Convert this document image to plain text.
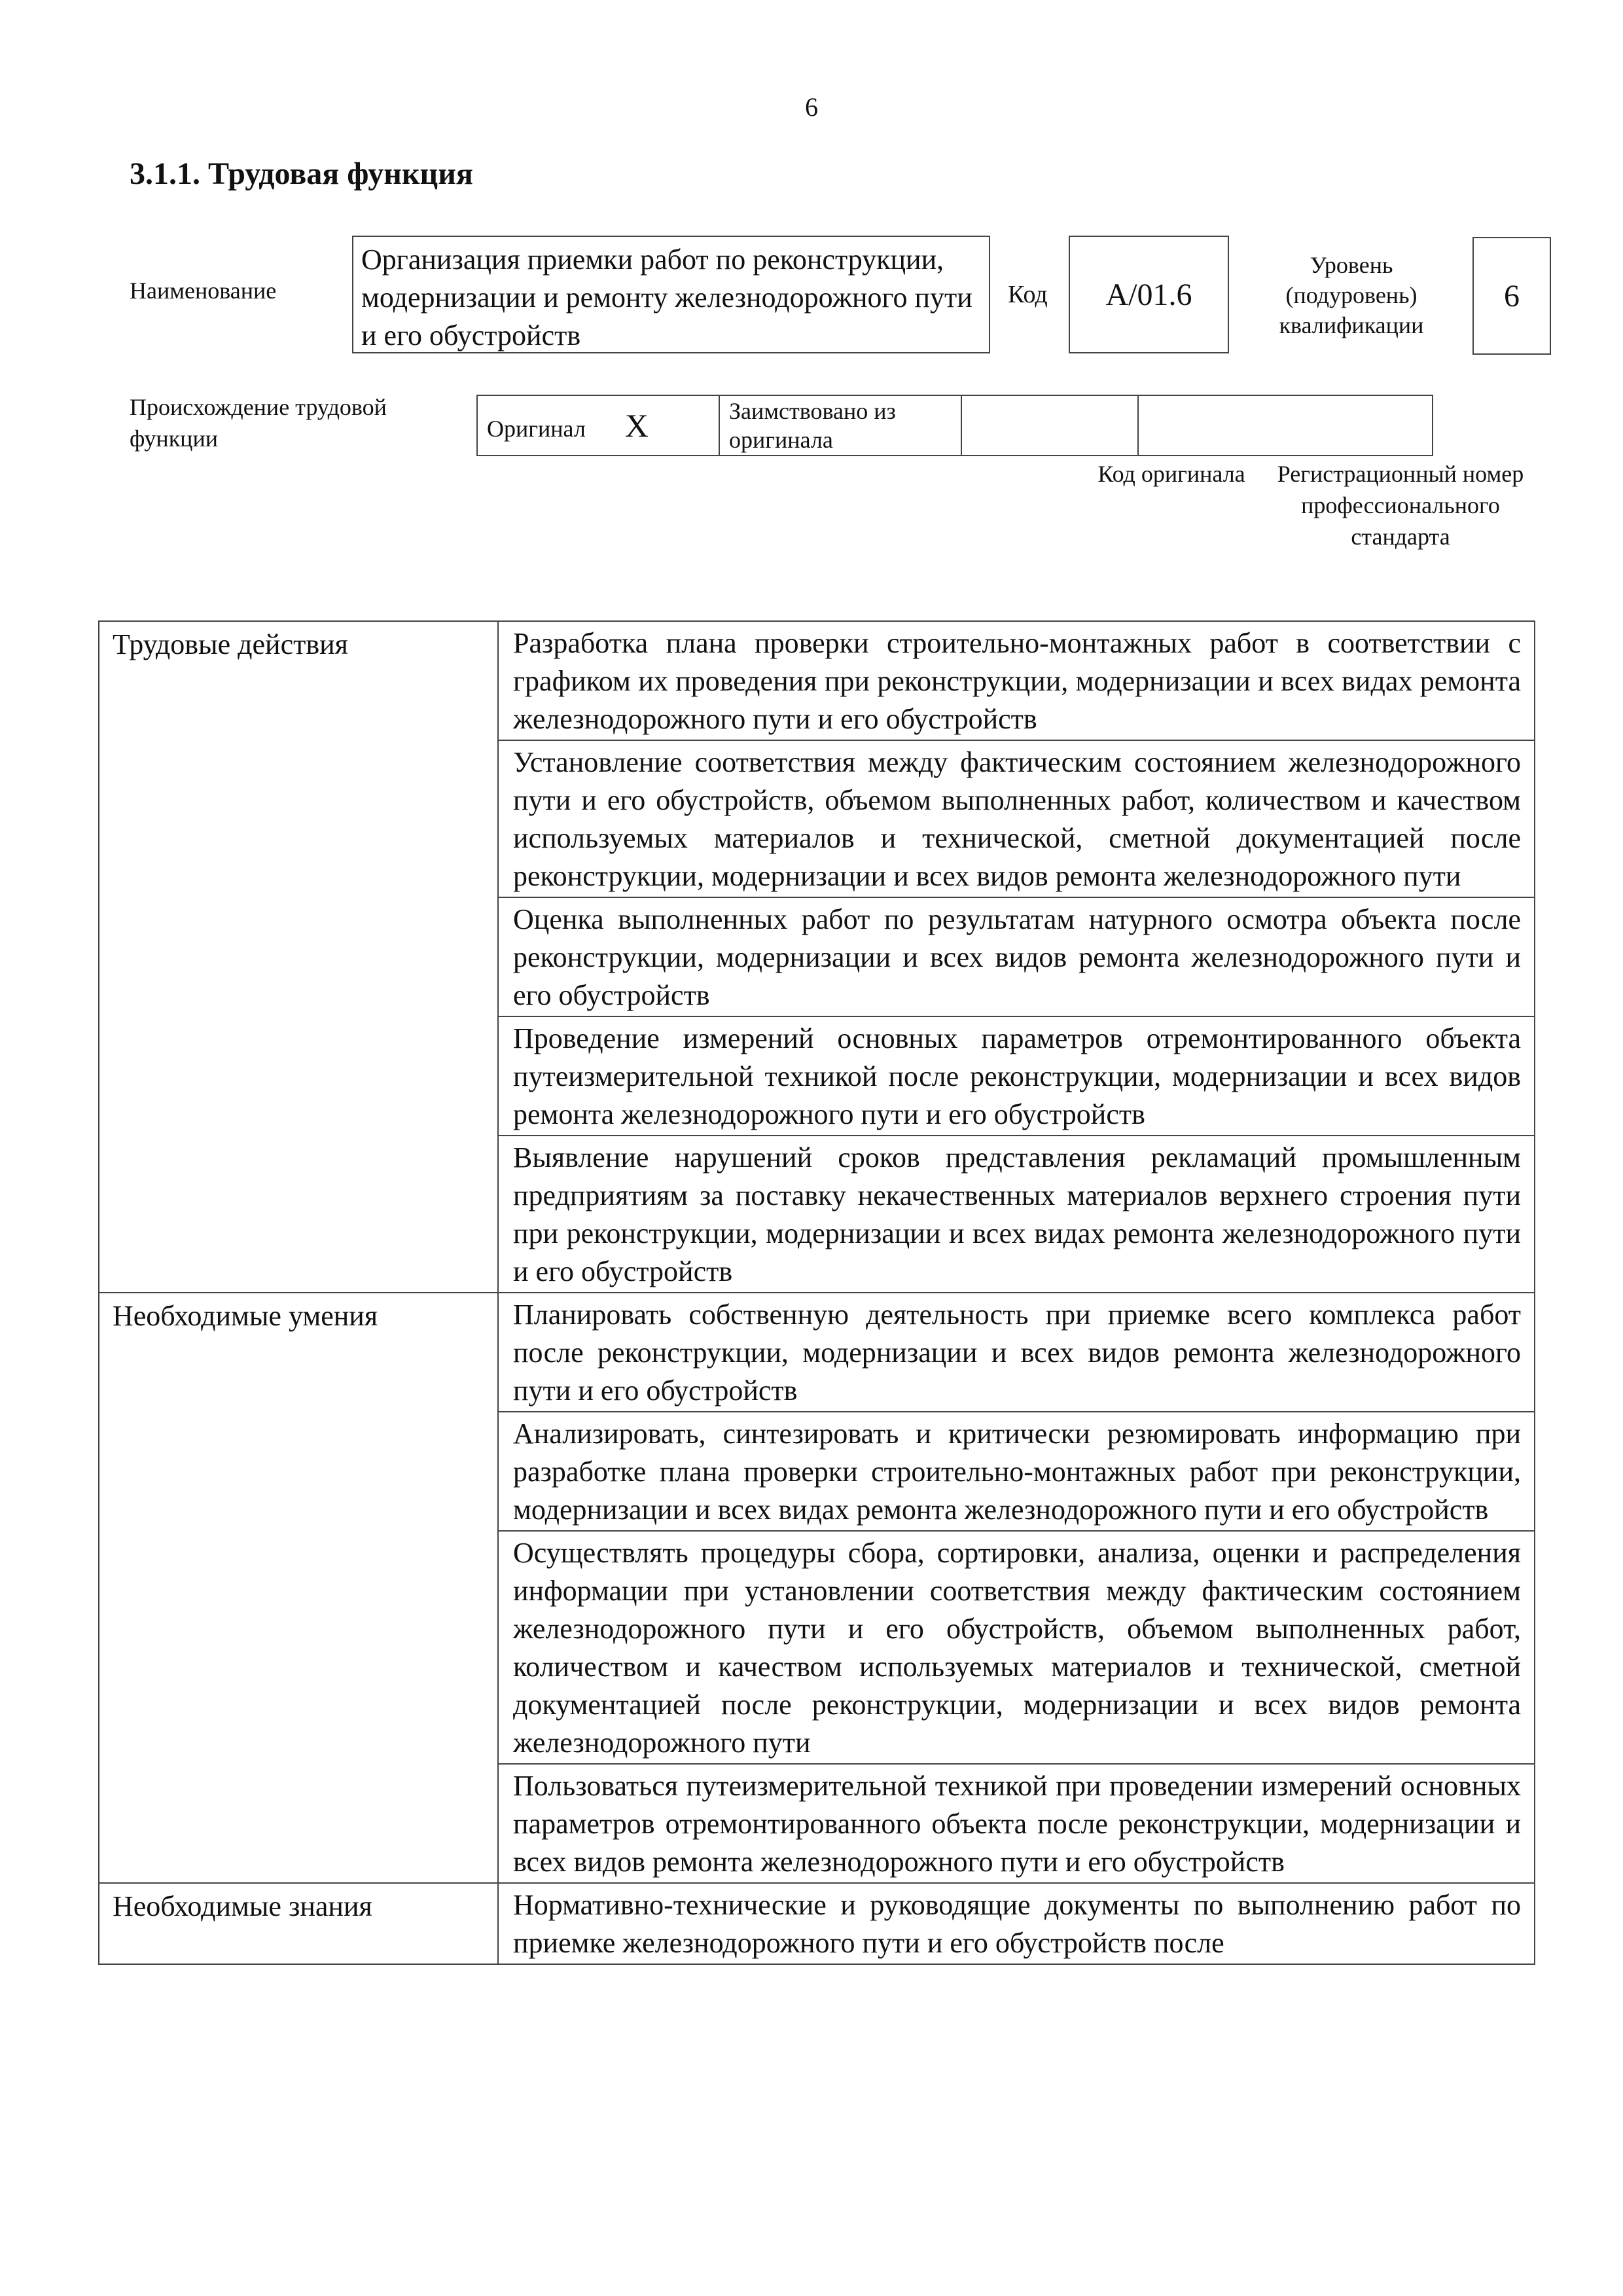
6
3.1.1. Трудовая функция
Наименование
Организация приемки работ по реконструкции, модернизации и ремонту железнодорожного пути и его обустройств
Код А/01.6
Уровень (подуровень) квалификации
6
Происхождение трудовой функции	Оригинал X	Заимствовано из оригинала		
Код оригинала	Регистрационный номер профессионального стандарта
Трудовые действия	Разработка плана проверки строительно-монтажных работ в соответствии с графиком их проведения при реконструкции, модернизации и всех видах ремонта железнодорожного пути и его обустройств
	Установление соответствия между фактическим состоянием железнодорожного пути и его обустройств, объемом выполненных работ, количеством и качеством используемых материалов и технической, сметной документацией после реконструкции, модернизации и всех видов ремонта железнодорожного пути
	Оценка выполненных работ по результатам натурного осмотра объекта после реконструкции, модернизации и всех видов ремонта железнодорожного пути и его обустройств
	Проведение измерений основных параметров отремонтированного объекта путеизмерительной техникой после реконструкции, модернизации и всех видов ремонта железнодорожного пути и его обустройств
	Выявление нарушений сроков представления рекламаций промышленным предприятиям за поставку некачественных материалов верхнего строения пути при реконструкции, модернизации и всех видах ремонта железнодорожного пути и его обустройств
Необходимые умения	Планировать собственную деятельность при приемке всего комплекса работ после реконструкции, модернизации и всех видов ремонта железнодорожного пути и его обустройств
	Анализировать, синтезировать и критически резюмировать информацию при разработке плана проверки строительно-монтажных работ при реконструкции, модернизации и всех видах ремонта железнодорожного пути и его обустройств
	Осуществлять процедуры сбора, сортировки, анализа, оценки и распределения информации при установлении соответствия между фактическим состоянием железнодорожного пути и его обустройств, объемом выполненных работ, количеством и качеством используемых материалов и технической, сметной документацией после реконструкции, модернизации и всех видов ремонта железнодорожного пути
	Пользоваться путеизмерительной техникой при проведении измерений основных параметров отремонтированного объекта после реконструкции, модернизации и всех видов ремонта железнодорожного пути и его обустройств
Необходимые знания	Нормативно-технические и руководящие документы по выполнению работ по приемке железнодорожного пути и его обустройств после
